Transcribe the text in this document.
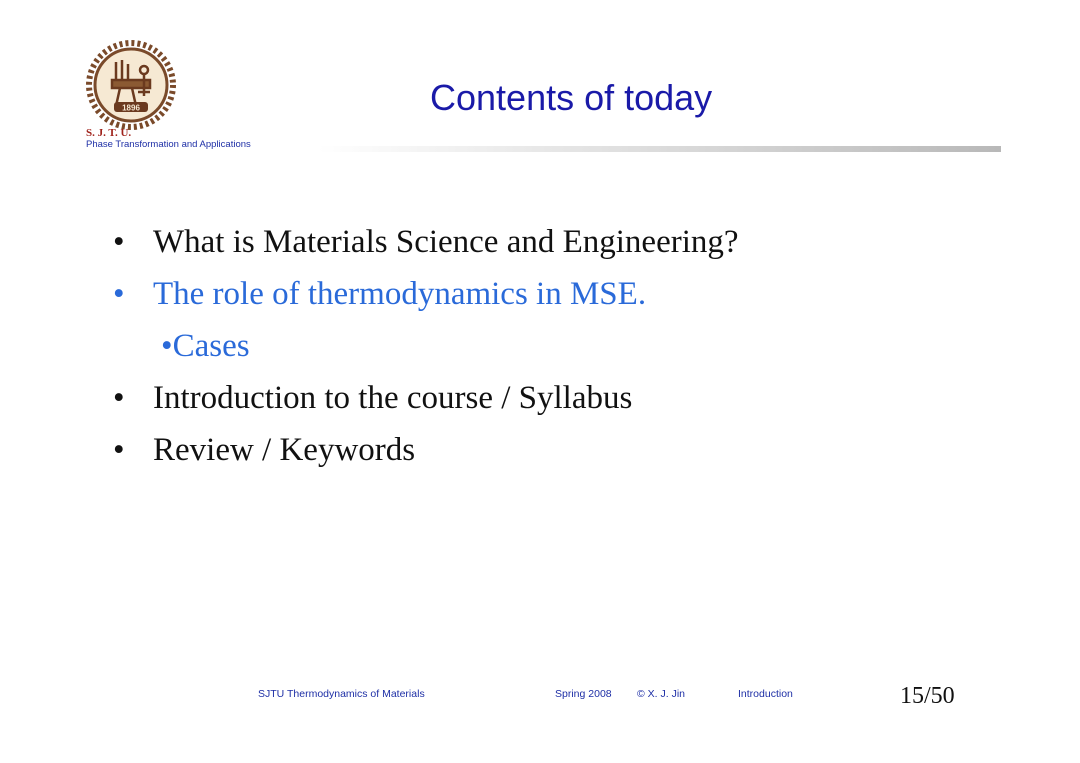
1896
S. J. T. U.
Phase Transformation and Applications
Contents of today
• What is Materials Science and Engineering?
• The role of thermodynamics in MSE.
•Cases
• Introduction to the course / Syllabus
• Review / Keywords
SJTU Thermodynamics of Materials	Spring 2008 © X. J. Jin	Introduction	15/50
